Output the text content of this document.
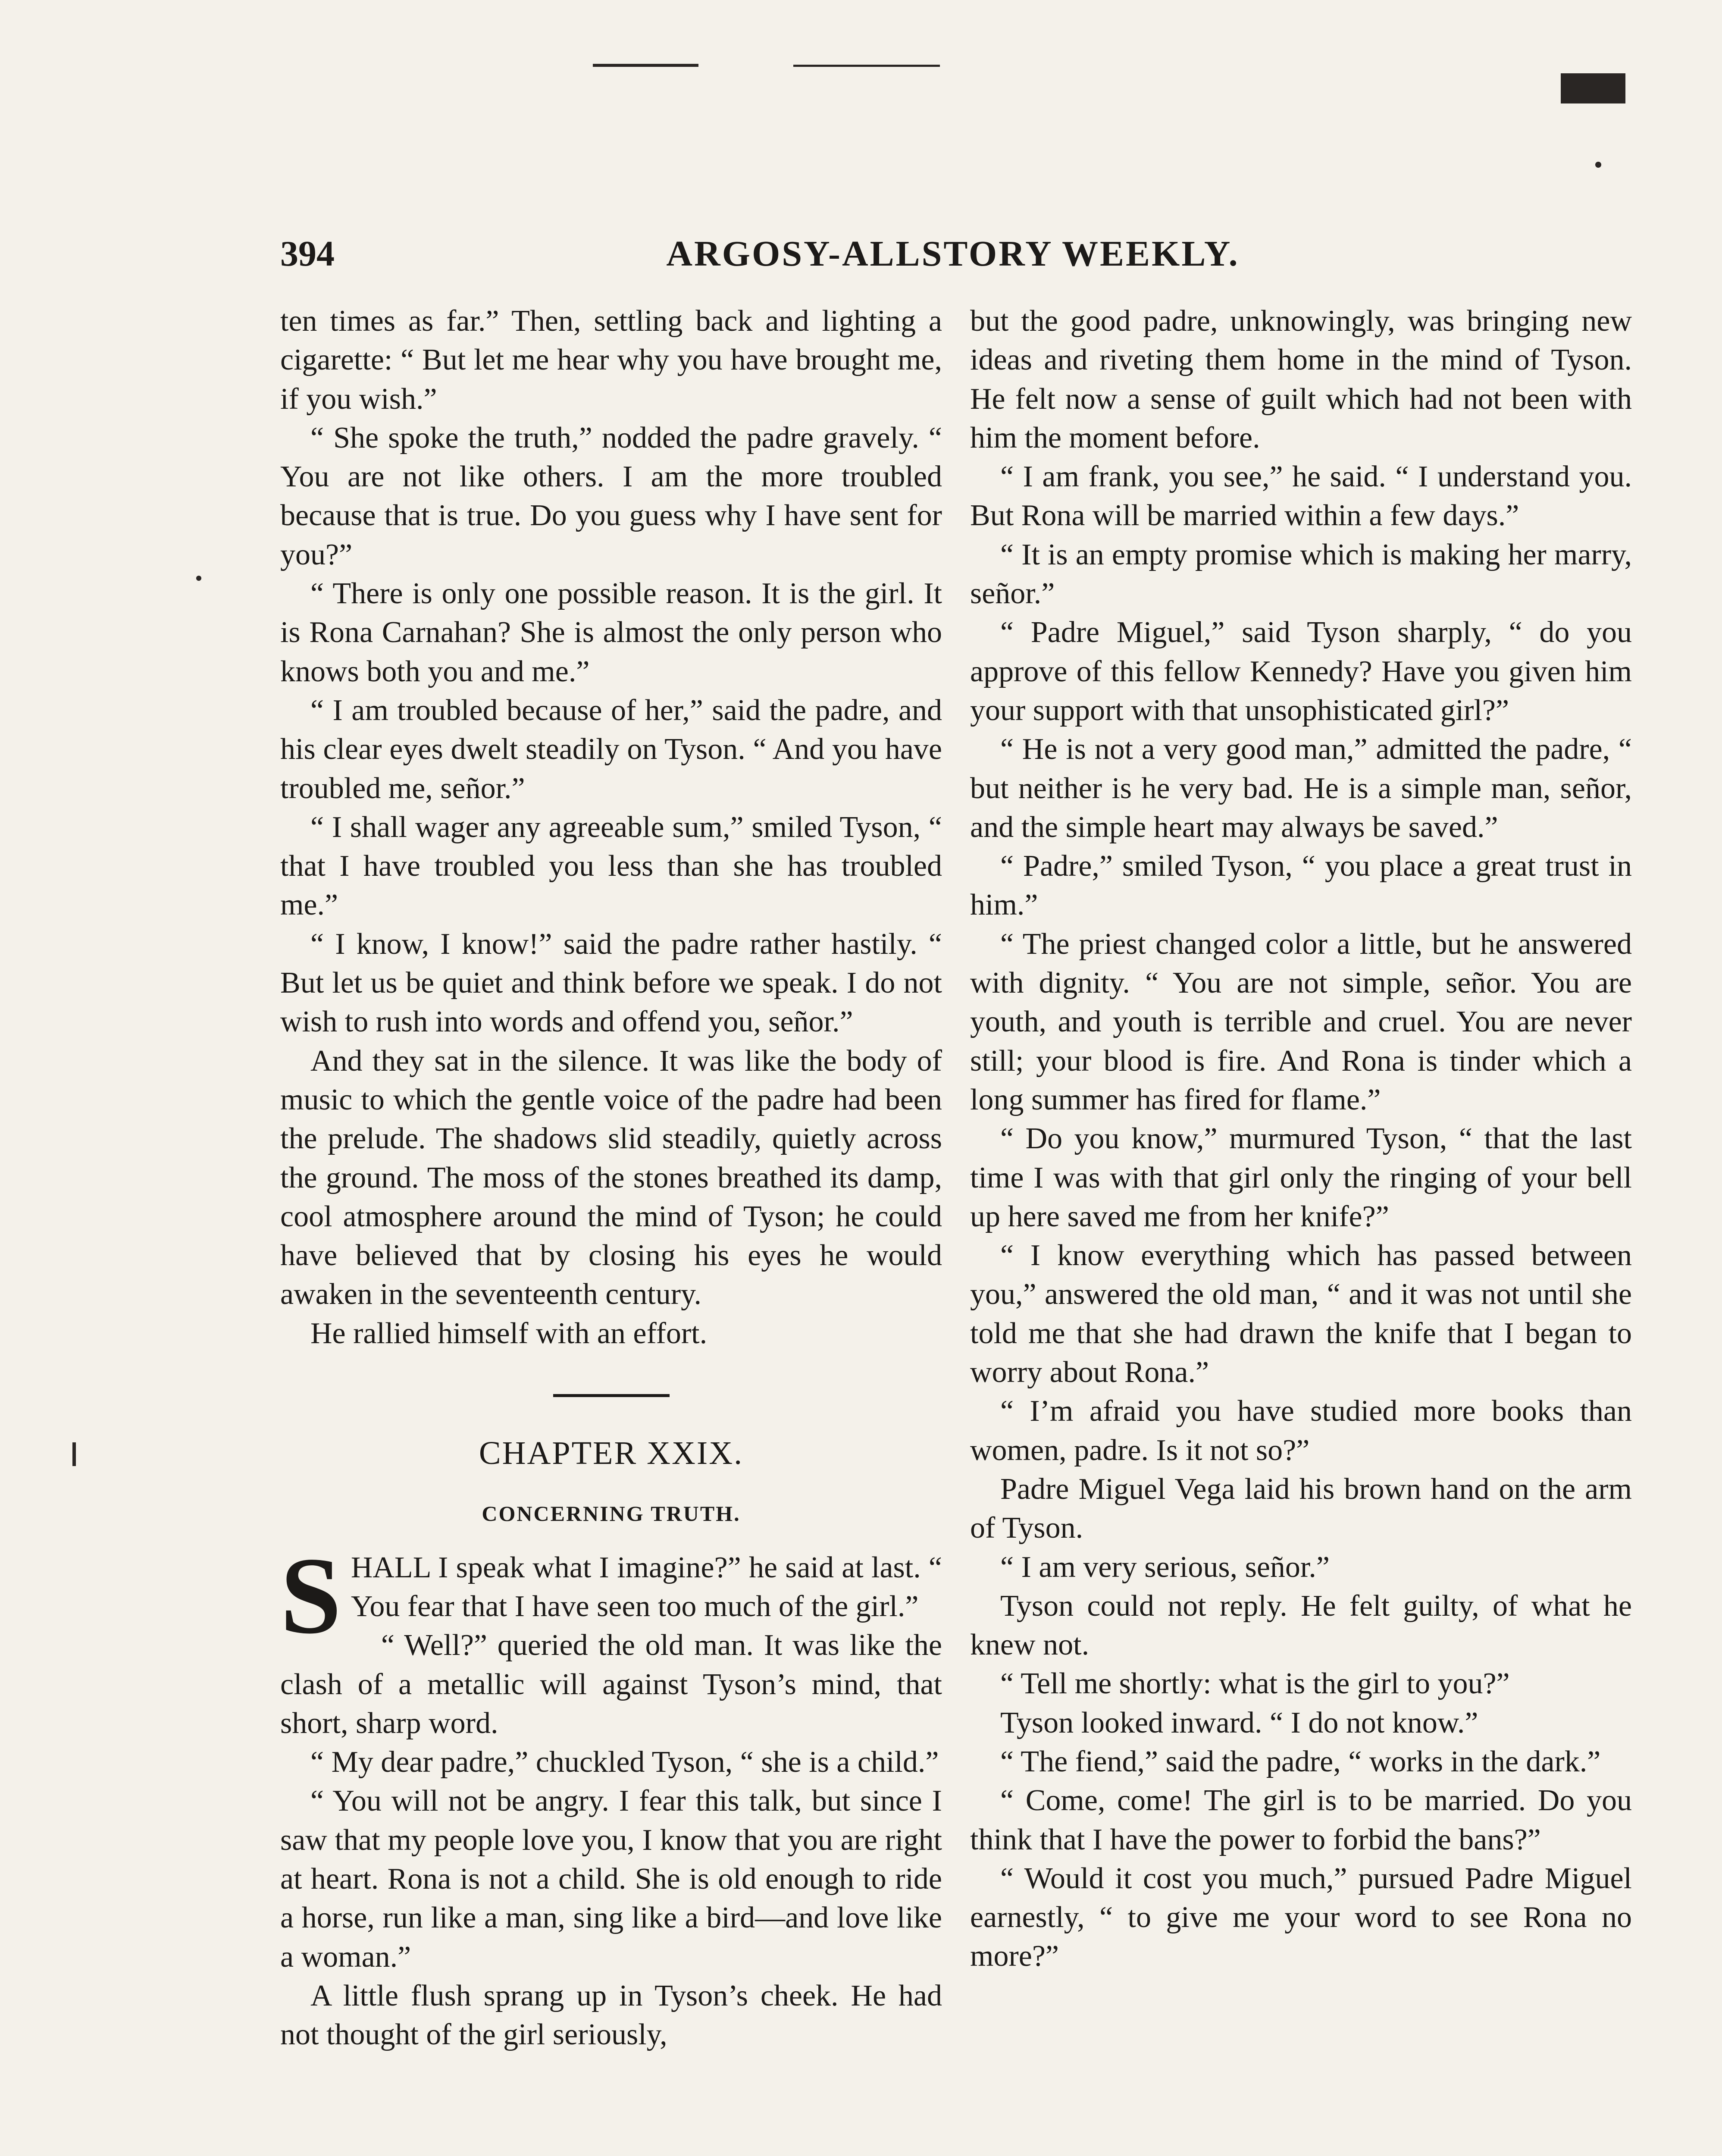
394	ARGOSY-ALLSTORY WEEKLY.

ten times as far.” Then, settling back and lighting a cigarette: “ But let me hear why you have brought me, if you wish.”

“ She spoke the truth,” nodded the padre gravely. “ You are not like others. I am the more troubled because that is true. Do you guess why I have sent for you?”

“ There is only one possible reason. It is the girl. It is Rona Carnahan? She is almost the only person who knows both you and me.”

“ I am troubled because of her,” said the padre, and his clear eyes dwelt steadily on Tyson. “ And you have troubled me, señor.”

“ I shall wager any agreeable sum,” smiled Tyson, “ that I have troubled you less than she has troubled me.”

“ I know, I know!” said the padre rather hastily. “ But let us be quiet and think before we speak. I do not wish to rush into words and offend you, señor.”

And they sat in the silence. It was like the body of music to which the gentle voice of the padre had been the prelude. The shadows slid steadily, quietly across the ground. The moss of the stones breathed its damp, cool atmosphere around the mind of Tyson; he could have believed that by closing his eyes he would awaken in the seventeenth century.

He rallied himself with an effort.

CHAPTER XXIX.

CONCERNING TRUTH.

SHALL I speak what I imagine?” he said at last. “ You fear that I have seen too much of the girl.”

“ Well?” queried the old man. It was like the clash of a metallic will against Tyson’s mind, that short, sharp word.

“ My dear padre,” chuckled Tyson, “ she is a child.”

“ You will not be angry. I fear this talk, but since I saw that my people love you, I know that you are right at heart. Rona is not a child. She is old enough to ride a horse, run like a man, sing like a bird—and love like a woman.”

A little flush sprang up in Tyson’s cheek. He had not thought of the girl seriously,

but the good padre, unknowingly, was bringing new ideas and riveting them home in the mind of Tyson. He felt now a sense of guilt which had not been with him the moment before.

“ I am frank, you see,” he said. “ I understand you. But Rona will be married within a few days.”

“ It is an empty promise which is making her marry, señor.”

“ Padre Miguel,” said Tyson sharply, “ do you approve of this fellow Kennedy? Have you given him your support with that unsophisticated girl?”

“ He is not a very good man,” admitted the padre, “ but neither is he very bad. He is a simple man, señor, and the simple heart may always be saved.”

“ Padre,” smiled Tyson, “ you place a great trust in him.”

“ The priest changed color a little, but he answered with dignity. “ You are not simple, señor. You are youth, and youth is terrible and cruel. You are never still; your blood is fire. And Rona is tinder which a long summer has fired for flame.”

“ Do you know,” murmured Tyson, “ that the last time I was with that girl only the ringing of your bell up here saved me from her knife?”

“ I know everything which has passed between you,” answered the old man, “ and it was not until she told me that she had drawn the knife that I began to worry about Rona.”

“ I’m afraid you have studied more books than women, padre. Is it not so?”

Padre Miguel Vega laid his brown hand on the arm of Tyson.

“ I am very serious, señor.”

Tyson could not reply. He felt guilty, of what he knew not.

“ Tell me shortly: what is the girl to you?”

Tyson looked inward. “ I do not know.”

“ The fiend,” said the padre, “ works in the dark.”

“ Come, come! The girl is to be married. Do you think that I have the power to forbid the bans?”

“ Would it cost you much,” pursued Padre Miguel earnestly, “ to give me your word to see Rona no more?”
